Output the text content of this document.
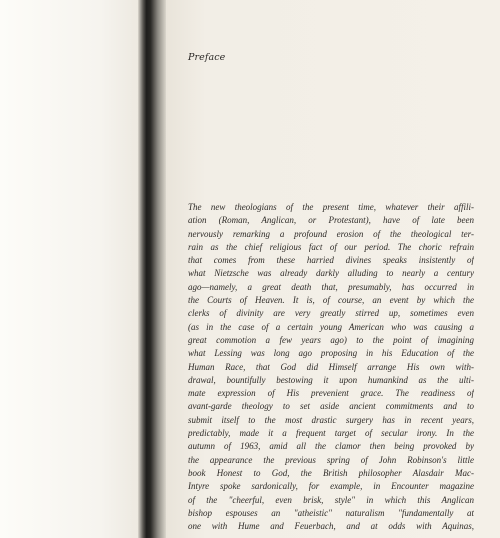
Preface
The new theologians of the present time, whatever their affili-
ation (Roman, Anglican, or Protestant), have of late been
nervously remarking a profound erosion of the theological ter-
rain as the chief religious fact of our period. The choric refrain
that comes from these harried divines speaks insistently of
what Nietzsche was already darkly alluding to nearly a century
ago—namely, a great death that, presumably, has occurred in
the Courts of Heaven. It is, of course, an event by which the
clerks of divinity are very greatly stirred up, sometimes even
(as in the case of a certain young American who was causing a
great commotion a few years ago) to the point of imagining
what Lessing was long ago proposing in his Education of the
Human Race, that God did Himself arrange His own with-
drawal, bountifully bestowing it upon humankind as the ulti-
mate expression of His prevenient grace. The readiness of
avant-garde theology to set aside ancient commitments and to
submit itself to the most drastic surgery has in recent years,
predictably, made it a frequent target of secular irony. In the
autumn of 1963, amid all the clamor then being provoked by
the appearance the previous spring of John Robinson's little
book Honest to God, the British philosopher Alasdair Mac-
Intyre spoke sardonically, for example, in Encounter magazine
of the "cheerful, even brisk, style" in which this Anglican
bishop espouses an "atheistic" naturalism "fundamentally at
one with Hume and Feuerbach, and at odds with Aquinas,
